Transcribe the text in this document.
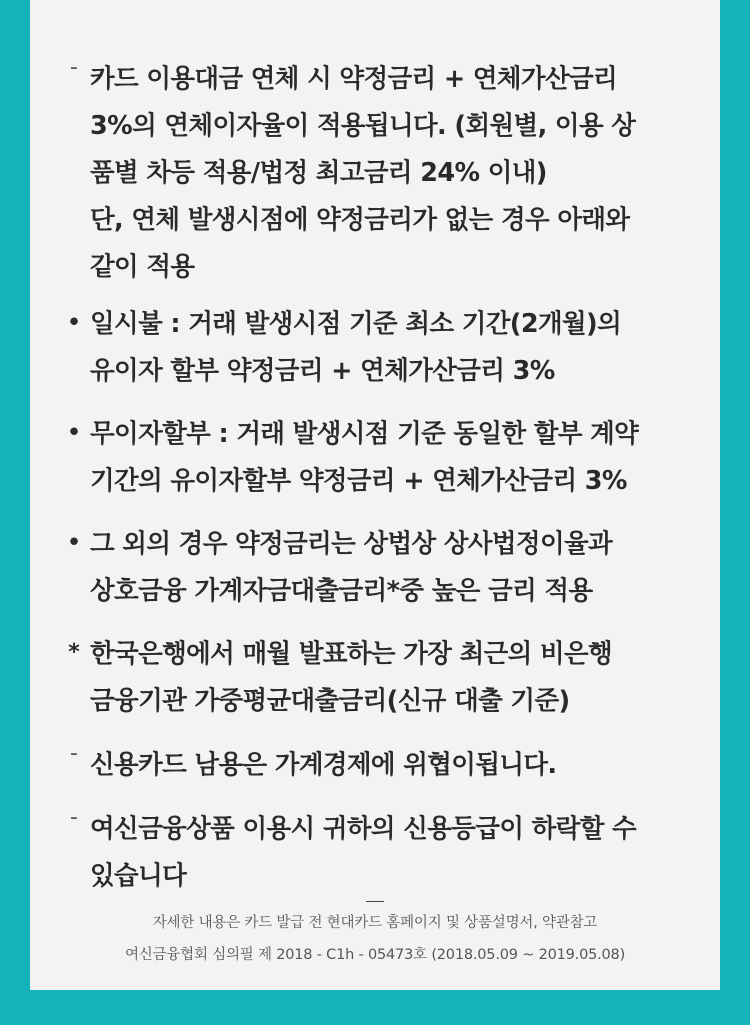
- 카드 이용대금 연체 시 약정금리 + 연체가산금리
3%의 연체이자율이 적용됩니다. (회원별, 이용 상
품별 차등 적용/법정 최고금리 24% 이내)
단, 연체 발생시점에 약정금리가 없는 경우 아래와
같이 적용
• 일시불 : 거래 발생시점 기준 최소 기간(2개월)의
유이자 할부 약정금리 + 연체가산금리 3%
• 무이자할부 : 거래 발생시점 기준 동일한 할부 계약
기간의 유이자할부 약정금리 + 연체가산금리 3%
• 그 외의 경우 약정금리는 상법상 상사법정이율과
상호금융 가계자금대출금리*중 높은 금리 적용
* 한국은행에서 매월 발표하는 가장 최근의 비은행
금융기관 가중평균대출금리(신규 대출 기준)
- 신용카드 남용은 가계경제에 위협이됩니다.
- 여신금융상품 이용시 귀하의 신용등급이 하락할 수
있습니다
자세한 내용은 카드 발급 전 현대카드 홈페이지 및 상품설명서, 약관참고
여신금융협회 심의필 제 2018 - C1h - 05473호 (2018.05.09 ~ 2019.05.08)
